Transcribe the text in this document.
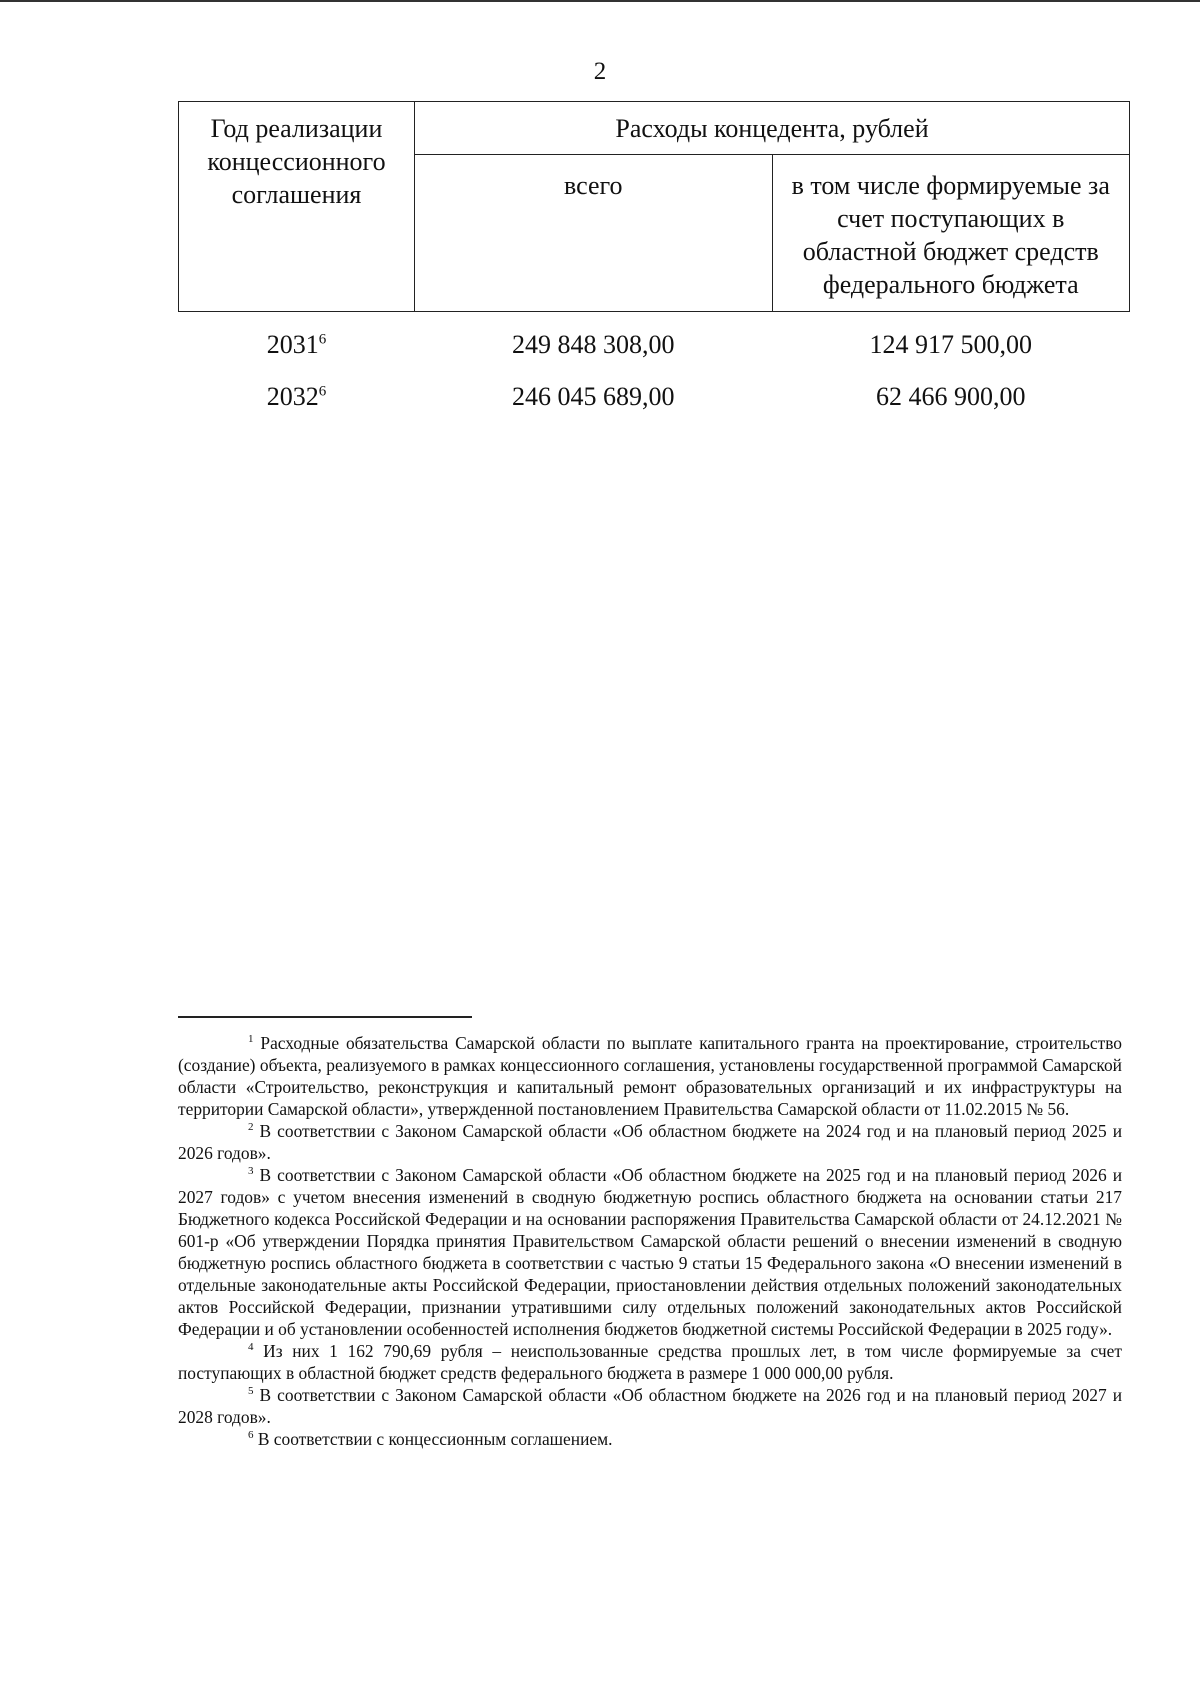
2
Год реализации концессионного соглашения	Расходы концедента, рублей	
	всего	в том числе формируемые за счет поступающих в областной бюджет средств федерального бюджета
2031$^6$	249 848 308,00	124 917 500,00
2032$^6$	246 045 689,00	62 466 900,00

$^1$ Расходные обязательства Самарской области по выплате капитального гранта на проектирование, строительство (создание) объекта, реализуемого в рамках концессионного соглашения, установлены государственной программой Самарской области «Строительство, реконструкция и капитальный ремонт образовательных организаций и их инфраструктуры на территории Самарской области», утвержденной постановлением Правительства Самарской области от 11.02.2015 № 56.

$^2$ В соответствии с Законом Самарской области «Об областном бюджете на 2024 год и на плановый период 2025 и 2026 годов».

$^3$ В соответствии с Законом Самарской области «Об областном бюджете на 2025 год и на плановый период 2026 и 2027 годов» с учетом внесения изменений в сводную бюджетную роспись областного бюджета на основании статьи 217 Бюджетного кодекса Российской Федерации и на основании распоряжения Правительства Самарской области от 24.12.2021 № 601-р «Об утверждении Порядка принятия Правительством Самарской области решений о внесении изменений в сводную бюджетную роспись областного бюджета в соответствии с частью 9 статьи 15 Федерального закона «О внесении изменений в отдельные законодательные акты Российской Федерации, приостановлении действия отдельных положений законодательных актов Российской Федерации, признании утратившими силу отдельных положений законодательных актов Российской Федерации и об установлении особенностей исполнения бюджетов бюджетной системы Российской Федерации в 2025 году».

$^4$ Из них 1 162 790,69 рубля – неиспользованные средства прошлых лет, в том числе формируемые за счет поступающих в областной бюджет средств федерального бюджета в размере 1 000 000,00 рубля.

$^5$ В соответствии с Законом Самарской области «Об областном бюджете на 2026 год и на плановый период 2027 и 2028 годов».

$^6$ В соответствии с концессионным соглашением.
